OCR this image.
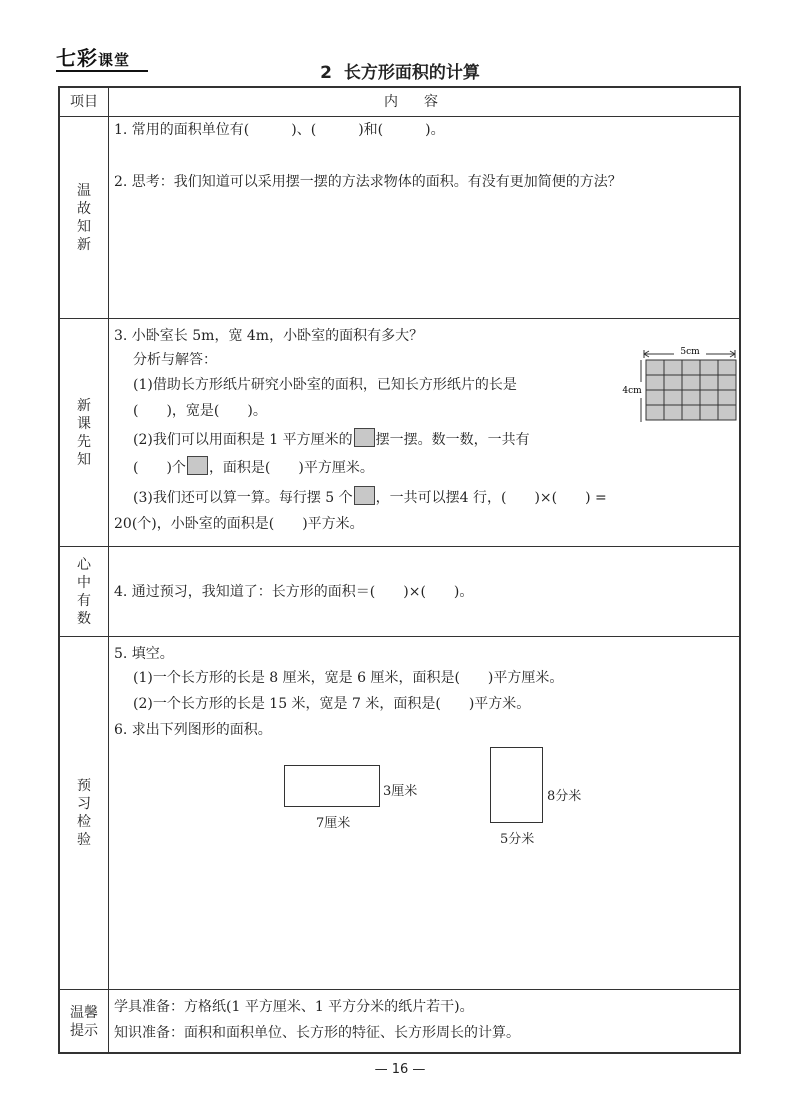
七彩课堂
2 长方形面积的计算
项目	内容
温故知新
新课先知
心中有数
预习检验
温馨提示
1. 常用的面积单位有(　　　)、(　　　)和(　　　)。
2. 思考：我们知道可以采用摆一摆的方法求物体的面积。有没有更加简便的方法？
3. 小卧室长 5m，宽 4m，小卧室的面积有多大？
分析与解答：
(1)借助长方形纸片研究小卧室的面积，已知长方形纸片的长是
(　　)，宽是(　　)。
(2)我们可以用面积是 1 平方厘米的 摆一摆。数一数，一共有
(　　)个 ，面积是(　　)平方厘米。
(3)我们还可以算一算。每行摆 5 个 ，一共可以摆4 行，(　　)×(　　) =
20(个)，小卧室的面积是(　　)平方米。
5cm
4cm
4. 通过预习，我知道了：长方形的面积＝(　　)×(　　)。
5. 填空。
(1)一个长方形的长是 8 厘米，宽是 6 厘米，面积是(　　)平方厘米。
(2)一个长方形的长是 15 米，宽是 7 米，面积是(　　)平方米。
6. 求出下列图形的面积。
3厘米
7厘米
8分米
5分米
学具准备：方格纸(1 平方厘米、1 平方分米的纸片若干)。
知识准备：面积和面积单位、长方形的特征、长方形周长的计算。
— 16 —
